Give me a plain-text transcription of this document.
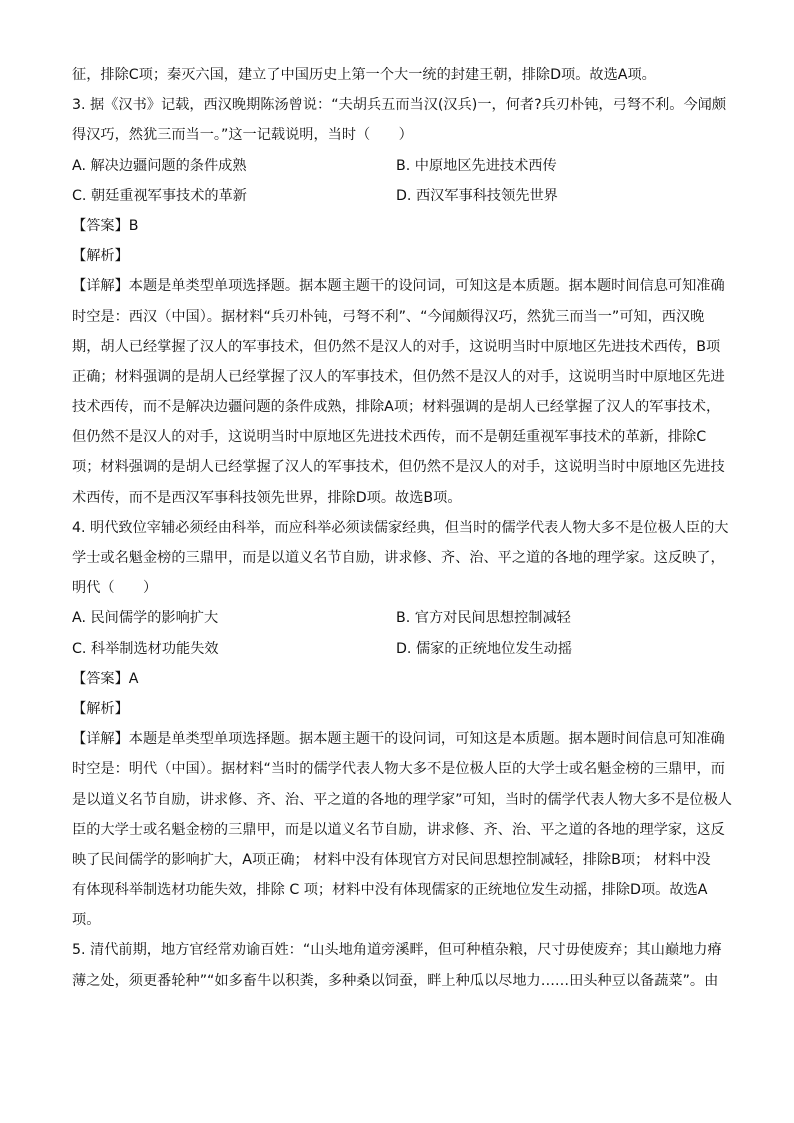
征，排除C项；秦灭六国，建立了中国历史上第一个大一统的封建王朝，排除D项。故选A项。
3. 据《汉书》记载，西汉晚期陈汤曾说：“夫胡兵五而当汉(汉兵)一，何者?兵刃朴钝，弓弩不利。今闻颇
得汉巧，然犹三而当一。”这一记载说明，当时（　　）
A. 解决边疆问题的条件成熟	B. 中原地区先进技术西传
C. 朝廷重视军事技术的革新	D. 西汉军事科技领先世界
【答案】B
【解析】
【详解】本题是单类型单项选择题。据本题主题干的设问词，可知这是本质题。据本题时间信息可知准确
时空是：西汉（中国）。据材料“兵刃朴钝，弓弩不利”、“今闻颇得汉巧，然犹三而当一”可知，西汉晚
期，胡人已经掌握了汉人的军事技术，但仍然不是汉人的对手，这说明当时中原地区先进技术西传，B项
正确；材料强调的是胡人已经掌握了汉人的军事技术，但仍然不是汉人的对手，这说明当时中原地区先进
技术西传，而不是解决边疆问题的条件成熟，排除A项；材料强调的是胡人已经掌握了汉人的军事技术，
但仍然不是汉人的对手，这说明当时中原地区先进技术西传，而不是朝廷重视军事技术的革新，排除C
项；材料强调的是胡人已经掌握了汉人的军事技术，但仍然不是汉人的对手，这说明当时中原地区先进技
术西传，而不是西汉军事科技领先世界，排除D项。故选B项。
4. 明代致位宰辅必须经由科举，而应科举必须读儒家经典，但当时的儒学代表人物大多不是位极人臣的大
学士或名魁金榜的三鼎甲，而是以道义名节自励，讲求修、齐、治、平之道的各地的理学家。这反映了，
明代（　　）
A. 民间儒学的影响扩大	B. 官方对民间思想控制减轻
C. 科举制选材功能失效	D. 儒家的正统地位发生动摇
【答案】A
【解析】
【详解】本题是单类型单项选择题。据本题主题干的设问词，可知这是本质题。据本题时间信息可知准确
时空是：明代（中国）。据材料“当时的儒学代表人物大多不是位极人臣的大学士或名魁金榜的三鼎甲，而
是以道义名节自励，讲求修、齐、治、平之道的各地的理学家”可知，当时的儒学代表人物大多不是位极人
臣的大学士或名魁金榜的三鼎甲，而是以道义名节自励，讲求修、齐、治、平之道的各地的理学家，这反
映了民间儒学的影响扩大，A项正确； 材料中没有体现官方对民间思想控制减轻，排除B项； 材料中没
有体现科举制选材功能失效，排除 C 项；材料中没有体现儒家的正统地位发生动摇，排除D项。故选A
项。
5. 清代前期，地方官经常劝谕百姓：“山头地角道旁溪畔，但可种植杂粮，尺寸毋使废弃；其山巅地力瘠
薄之处，须更番轮种”“如多畜牛以积粪，多种桑以饲蚕，畔上种瓜以尽地力……田头种豆以备蔬菜”。由
